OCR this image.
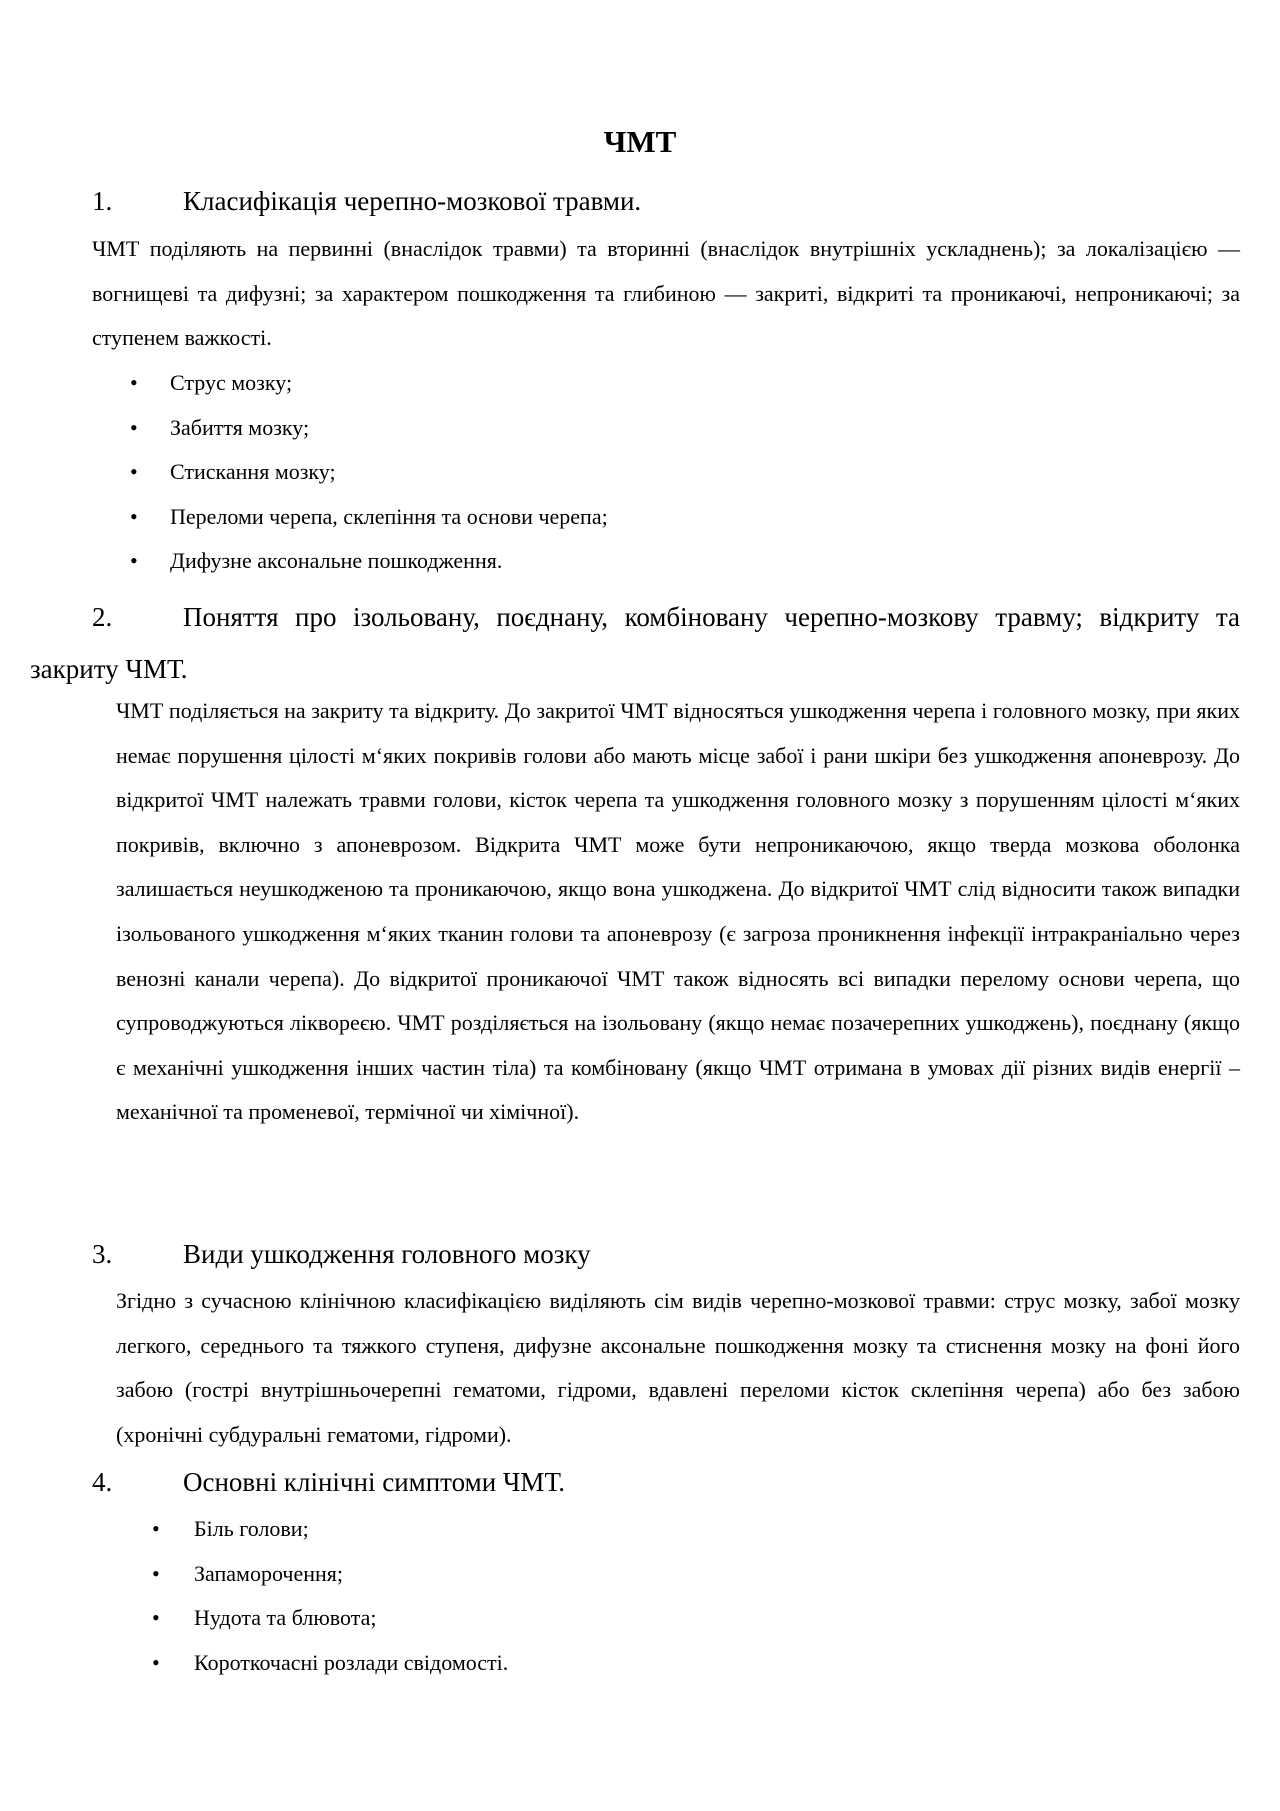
ЧМТ
1.	Класифікація черепно-мозкової травми.

ЧМТ поділяють на первинні (внаслідок травми) та вторинні (внаслідок внутрішніх ускладнень); за локалізацією — вогнищеві та дифузні; за характером пошкодження та глибиною — закриті, відкриті та проникаючі, непроникаючі; за ступенем важкості.

• Струс мозку;
• Забиття мозку;
• Стискання мозку;
• Переломи черепа, склепіння та основи черепа;
• Дифузне аксональне пошкодження.
2.	Поняття про ізольовану, поєднану, комбіновану черепно-мозкову травму; відкриту та закриту ЧМТ.

ЧМТ поділяється на закриту та відкриту. До закритої ЧМТ відносяться ушкодження черепа і головного мозку, при яких немає порушення цілості м‘яких покривів голови або мають місце забої і рани шкіри без ушкодження апоневрозу. До відкритої ЧМТ належать травми голови, кісток черепа та ушкодження головного мозку з порушенням цілості м‘яких покривів, включно з апоневрозом. Відкрита ЧМТ може бути непроникаючою, якщо тверда мозкова оболонка залишається неушкодженою та проникаючою, якщо вона ушкоджена. До відкритої ЧМТ слід відносити також випадки ізольованого ушкодження м‘яких тканин голови та апоневрозу (є загроза проникнення інфекції інтракраніально через венозні канали черепа). До відкритої проникаючої ЧМТ також відносять всі випадки перелому основи черепа, що супроводжуються ліквореєю. ЧМТ розділяється на ізольовану (якщо немає позачерепних ушкоджень), поєднану (якщо є механічні ушкодження інших частин тіла) та комбіновану (якщо ЧМТ отримана в умовах дії різних видів енергії – механічної та променевої, термічної чи хімічної).

3.	Види ушкодження головного мозку

Згідно з сучасною клінічною класифікацією виділяють сім видів черепно-мозкової травми: струс мозку, забої мозку легкого, середнього та тяжкого ступеня, дифузне аксональне пошкодження мозку та стиснення мозку на фоні його забою (гострі внутрішньочерепні гематоми, гідроми, вдавлені переломи кісток склепіння черепа) або без забою (хронічні субдуральні гематоми, гідроми).

4.	Основні клінічні симптоми ЧМТ.
• Біль голови;
• Запаморочення;
• Нудота та блювота;
• Короткочасні розлади свідомості.
